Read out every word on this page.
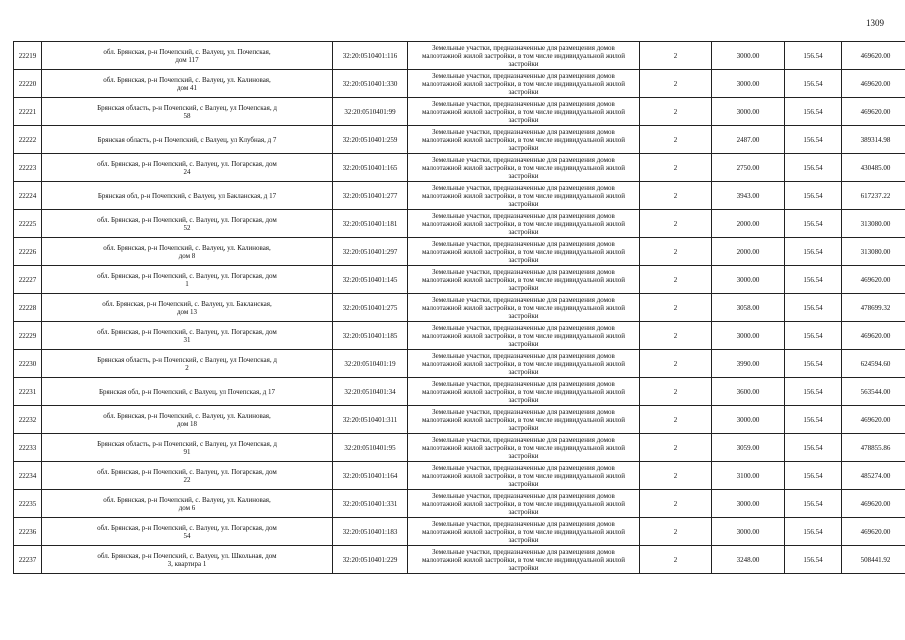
1309
22219	обл. Брянская, р-н Почепский, с. Валуец, ул. Почепская, дом 117	32:20:0510401:116	Земельные участки, предназначенные для размещения домов малоэтажной жилой застройки, в том числе индивидуальной жилой застройки	2	3000.00	156.54	469620.00
22220	обл. Брянская, р-н Почепский, с. Валуец, ул. Калиновая, дом 41	32:20:0510401:330	Земельные участки, предназначенные для размещения домов малоэтажной жилой застройки, в том числе индивидуальной жилой застройки	2	3000.00	156.54	469620.00
22221	Брянская область, р-н Почепский, с Валуец, ул Почепская, д 58	32:20:0510401:99	Земельные участки, предназначенные для размещения домов малоэтажной жилой застройки, в том числе индивидуальной жилой застройки	2	3000.00	156.54	469620.00
22222	Брянская область, р-н Почепский, с Валуец, ул Клубная, д 7	32:20:0510401:259	Земельные участки, предназначенные для размещения домов малоэтажной жилой застройки, в том числе индивидуальной жилой застройки	2	2487.00	156.54	389314.98
22223	обл. Брянская, р-н Почепский, с. Валуец, ул. Погарская, дом 24	32:20:0510401:165	Земельные участки, предназначенные для размещения домов малоэтажной жилой застройки, в том числе индивидуальной жилой застройки	2	2750.00	156.54	430485.00
22224	Брянская обл, р-н Почепский, с Валуец, ул Бакланская, д 17	32:20:0510401:277	Земельные участки, предназначенные для размещения домов малоэтажной жилой застройки, в том числе индивидуальной жилой застройки	2	3943.00	156.54	617237.22
22225	обл. Брянская, р-н Почепский, с. Валуец, ул. Погарская, дом 52	32:20:0510401:181	Земельные участки, предназначенные для размещения домов малоэтажной жилой застройки, в том числе индивидуальной жилой застройки	2	2000.00	156.54	313080.00
22226	обл. Брянская, р-н Почепский, с. Валуец, ул. Калиновая, дом 8	32:20:0510401:297	Земельные участки, предназначенные для размещения домов малоэтажной жилой застройки, в том числе индивидуальной жилой застройки	2	2000.00	156.54	313080.00
22227	обл. Брянская, р-н Почепский, с. Валуец, ул. Погарская, дом 1	32:20:0510401:145	Земельные участки, предназначенные для размещения домов малоэтажной жилой застройки, в том числе индивидуальной жилой застройки	2	3000.00	156.54	469620.00
22228	обл. Брянская, р-н Почепский, с. Валуец, ул. Бакланская, дом 13	32:20:0510401:275	Земельные участки, предназначенные для размещения домов малоэтажной жилой застройки, в том числе индивидуальной жилой застройки	2	3058.00	156.54	478699.32
22229	обл. Брянская, р-н Почепский, с. Валуец, ул. Погарская, дом 31	32:20:0510401:185	Земельные участки, предназначенные для размещения домов малоэтажной жилой застройки, в том числе индивидуальной жилой застройки	2	3000.00	156.54	469620.00
22230	Брянская область, р-н Почепский, с Валуец, ул Почепская, д 2	32:20:0510401:19	Земельные участки, предназначенные для размещения домов малоэтажной жилой застройки, в том числе индивидуальной жилой застройки	2	3990.00	156.54	624594.60
22231	Брянская обл, р-н Почепский, с Валуец, ул Почепская, д 17	32:20:0510401:34	Земельные участки, предназначенные для размещения домов малоэтажной жилой застройки, в том числе индивидуальной жилой застройки	2	3600.00	156.54	563544.00
22232	обл. Брянская, р-н Почепский, с. Валуец, ул. Калиновая, дом 18	32:20:0510401:311	Земельные участки, предназначенные для размещения домов малоэтажной жилой застройки, в том числе индивидуальной жилой застройки	2	3000.00	156.54	469620.00
22233	Брянская область, р-н Почепский, с Валуец, ул Почепская, д 91	32:20:0510401:95	Земельные участки, предназначенные для размещения домов малоэтажной жилой застройки, в том числе индивидуальной жилой застройки	2	3059.00	156.54	478855.86
22234	обл. Брянская, р-н Почепский, с. Валуец, ул. Погарская, дом 22	32:20:0510401:164	Земельные участки, предназначенные для размещения домов малоэтажной жилой застройки, в том числе индивидуальной жилой застройки	2	3100.00	156.54	485274.00
22235	обл. Брянская, р-н Почепский, с. Валуец, ул. Калиновая, дом 6	32:20:0510401:331	Земельные участки, предназначенные для размещения домов малоэтажной жилой застройки, в том числе индивидуальной жилой застройки	2	3000.00	156.54	469620.00
22236	обл. Брянская, р-н Почепский, с. Валуец, ул. Погарская, дом 54	32:20:0510401:183	Земельные участки, предназначенные для размещения домов малоэтажной жилой застройки, в том числе индивидуальной жилой застройки	2	3000.00	156.54	469620.00
22237	обл. Брянская, р-н Почепский, с. Валуец, ул. Школьная, дом 3, квартира 1	32:20:0510401:229	Земельные участки, предназначенные для размещения домов малоэтажной жилой застройки, в том числе индивидуальной жилой застройки	2	3248.00	156.54	508441.92
